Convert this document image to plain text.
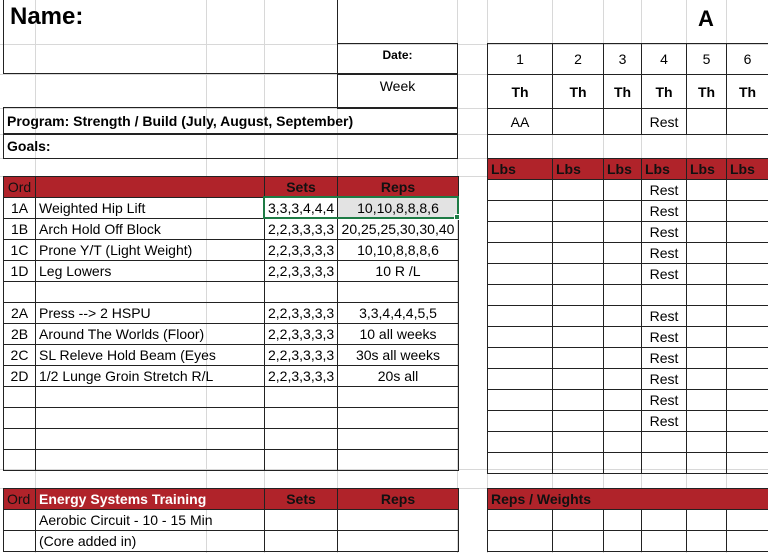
Name:
Date:
Week
A
Program: Strength / Build (July, August, September)
Goals:
1	2	3	4	5	6
Th	Th	Th	Th	Th	Th
AA			Rest		

Ord		Sets	Reps
1A	Weighted Hip Lift	3,3,3,4,4,4	10,10,8,8,8,6
1B	Arch Hold Off Block	2,2,3,3,3,3	20,25,25,30,30,40
1C	Prone Y/T (Light Weight)	2,2,3,3,3,3	10,10,8,8,8,6
1D	Leg Lowers	2,2,3,3,3,3	10 R /L

2A	Press --> 2 HSPU	2,2,3,3,3,3	3,3,4,4,4,5,5
2B	Around The Worlds (Floor)	2,2,3,3,3,3	10 all weeks
2C	SL Releve Hold Beam (Eyes	2,2,3,3,3,3	30s all weeks
2D	1/2 Lunge Groin Stretch R/L	2,2,3,3,3,3	20s all

Lbs	Lbs	Lbs	Lbs	Lbs	Lbs
			Rest		
			Rest		
			Rest		
			Rest		
			Rest		

			Rest		
			Rest		
			Rest		
			Rest		
			Rest		
			Rest		

Ord	Energy Systems Training	Sets	Reps
	Aerobic Circuit - 10 - 15 Min		
	(Core added in)		
Reps / Weights					
